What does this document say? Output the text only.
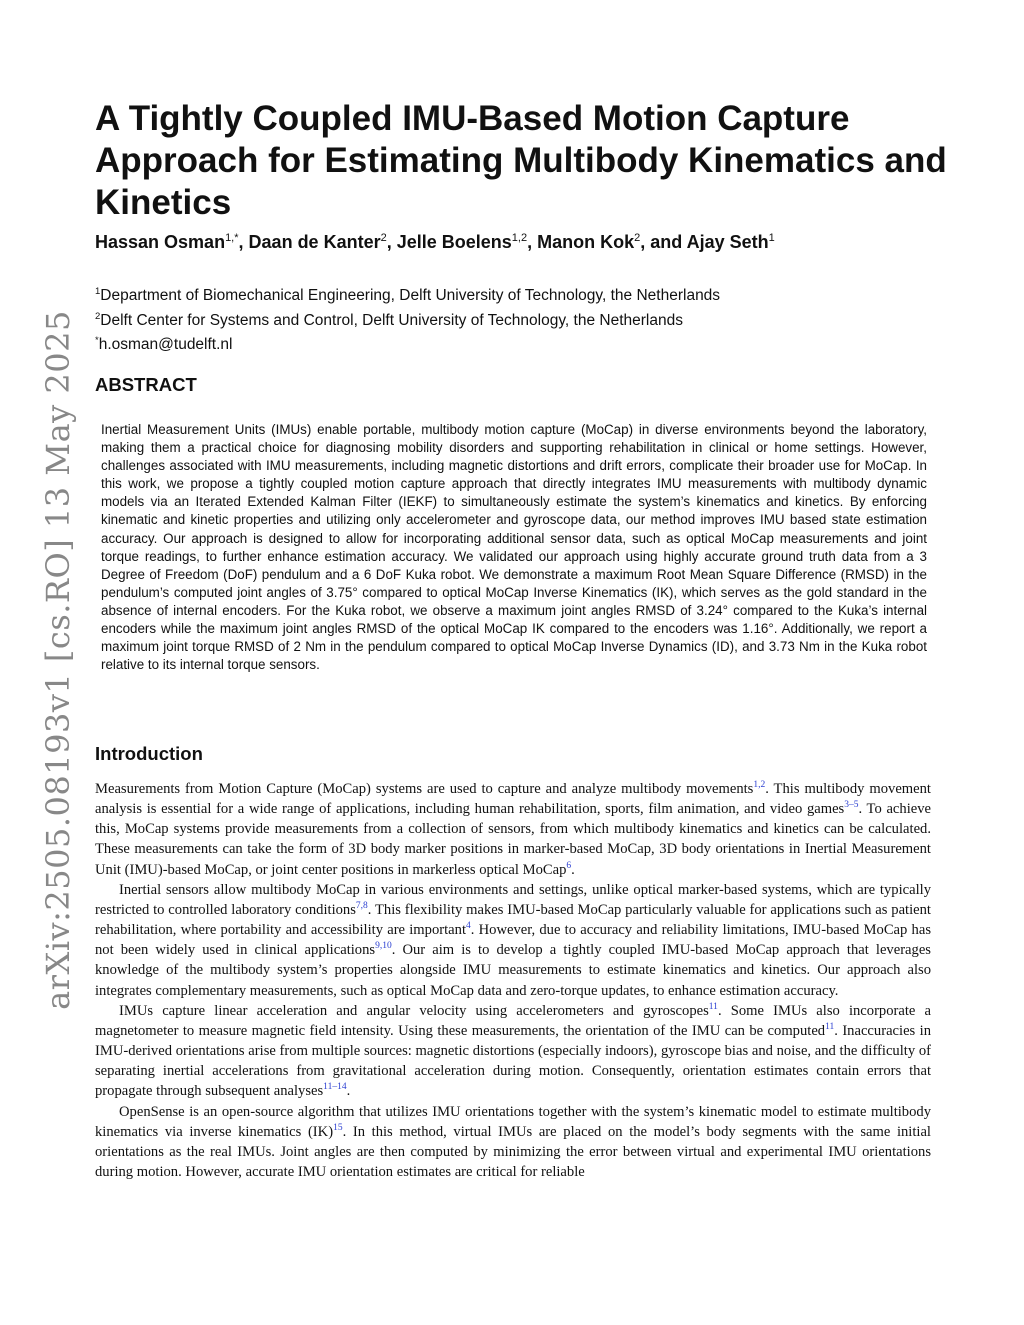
arXiv:2505.08193v1 [cs.RO] 13 May 2025
A Tightly Coupled IMU-Based Motion Capture Approach for Estimating Multibody Kinematics and Kinetics
Hassan Osman$^{1,*}$, Daan de Kanter$^2$, Jelle Boelens$^{1,2}$, Manon Kok$^2$, and Ajay Seth$^1$
$^1$Department of Biomechanical Engineering, Delft University of Technology, the Netherlands
$^2$Delft Center for Systems and Control, Delft University of Technology, the Netherlands
*h.osman@tudelft.nl
ABSTRACT
Inertial Measurement Units (IMUs) enable portable, multibody motion capture (MoCap) in diverse environments beyond the laboratory, making them a practical choice for diagnosing mobility disorders and supporting rehabilitation in clinical or home settings. However, challenges associated with IMU measurements, including magnetic distortions and drift errors, complicate their broader use for MoCap. In this work, we propose a tightly coupled motion capture approach that directly integrates IMU measurements with multibody dynamic models via an Iterated Extended Kalman Filter (IEKF) to simultaneously estimate the system’s kinematics and kinetics. By enforcing kinematic and kinetic properties and utilizing only accelerometer and gyroscope data, our method improves IMU based state estimation accuracy. Our approach is designed to allow for incorporating additional sensor data, such as optical MoCap measurements and joint torque readings, to further enhance estimation accuracy. We validated our approach using highly accurate ground truth data from a 3 Degree of Freedom (DoF) pendulum and a 6 DoF Kuka robot. We demonstrate a maximum Root Mean Square Difference (RMSD) in the pendulum’s computed joint angles of 3.75° compared to optical MoCap Inverse Kinematics (IK), which serves as the gold standard in the absence of internal encoders. For the Kuka robot, we observe a maximum joint angles RMSD of 3.24° compared to the Kuka’s internal encoders while the maximum joint angles RMSD of the optical MoCap IK compared to the encoders was 1.16°. Additionally, we report a maximum joint torque RMSD of 2 Nm in the pendulum compared to optical MoCap Inverse Dynamics (ID), and 3.73 Nm in the Kuka robot relative to its internal torque sensors.
Introduction

Measurements from Motion Capture (MoCap) systems are used to capture and analyze multibody movements$^{1,2}$. This multibody movement analysis is essential for a wide range of applications, including human rehabilitation, sports, film animation, and video games$^{3-5}$. To achieve this, MoCap systems provide measurements from a collection of sensors, from which multibody kinematics and kinetics can be calculated. These measurements can take the form of 3D body marker positions in marker-based MoCap, 3D body orientations in Inertial Measurement Unit (IMU)-based MoCap, or joint center positions in markerless optical MoCap$^6$.

Inertial sensors allow multibody MoCap in various environments and settings, unlike optical marker-based systems, which are typically restricted to controlled laboratory conditions$^{7,8}$. This flexibility makes IMU-based MoCap particularly valuable for applications such as patient rehabilitation, where portability and accessibility are important$^4$. However, due to accuracy and reliability limitations, IMU-based MoCap has not been widely used in clinical applications$^{9,10}$. Our aim is to develop a tightly coupled IMU-based MoCap approach that leverages knowledge of the multibody system’s properties alongside IMU measurements to estimate kinematics and kinetics. Our approach also integrates complementary measurements, such as optical MoCap data and zero-torque updates, to enhance estimation accuracy.

IMUs capture linear acceleration and angular velocity using accelerometers and gyroscopes$^{11}$. Some IMUs also incorporate a magnetometer to measure magnetic field intensity. Using these measurements, the orientation of the IMU can be computed$^{11}$. Inaccuracies in IMU-derived orientations arise from multiple sources: magnetic distortions (especially indoors), gyroscope bias and noise, and the difficulty of separating inertial accelerations from gravitational acceleration during motion. Consequently, orientation estimates contain errors that propagate through subsequent analyses$^{11-14}$.

OpenSense is an open-source algorithm that utilizes IMU orientations together with the system’s kinematic model to estimate multibody kinematics via inverse kinematics (IK)$^{15}$. In this method, virtual IMUs are placed on the model’s body segments with the same initial orientations as the real IMUs. Joint angles are then computed by minimizing the error between virtual and experimental IMU orientations during motion. However, accurate IMU orientation estimates are critical for reliable
